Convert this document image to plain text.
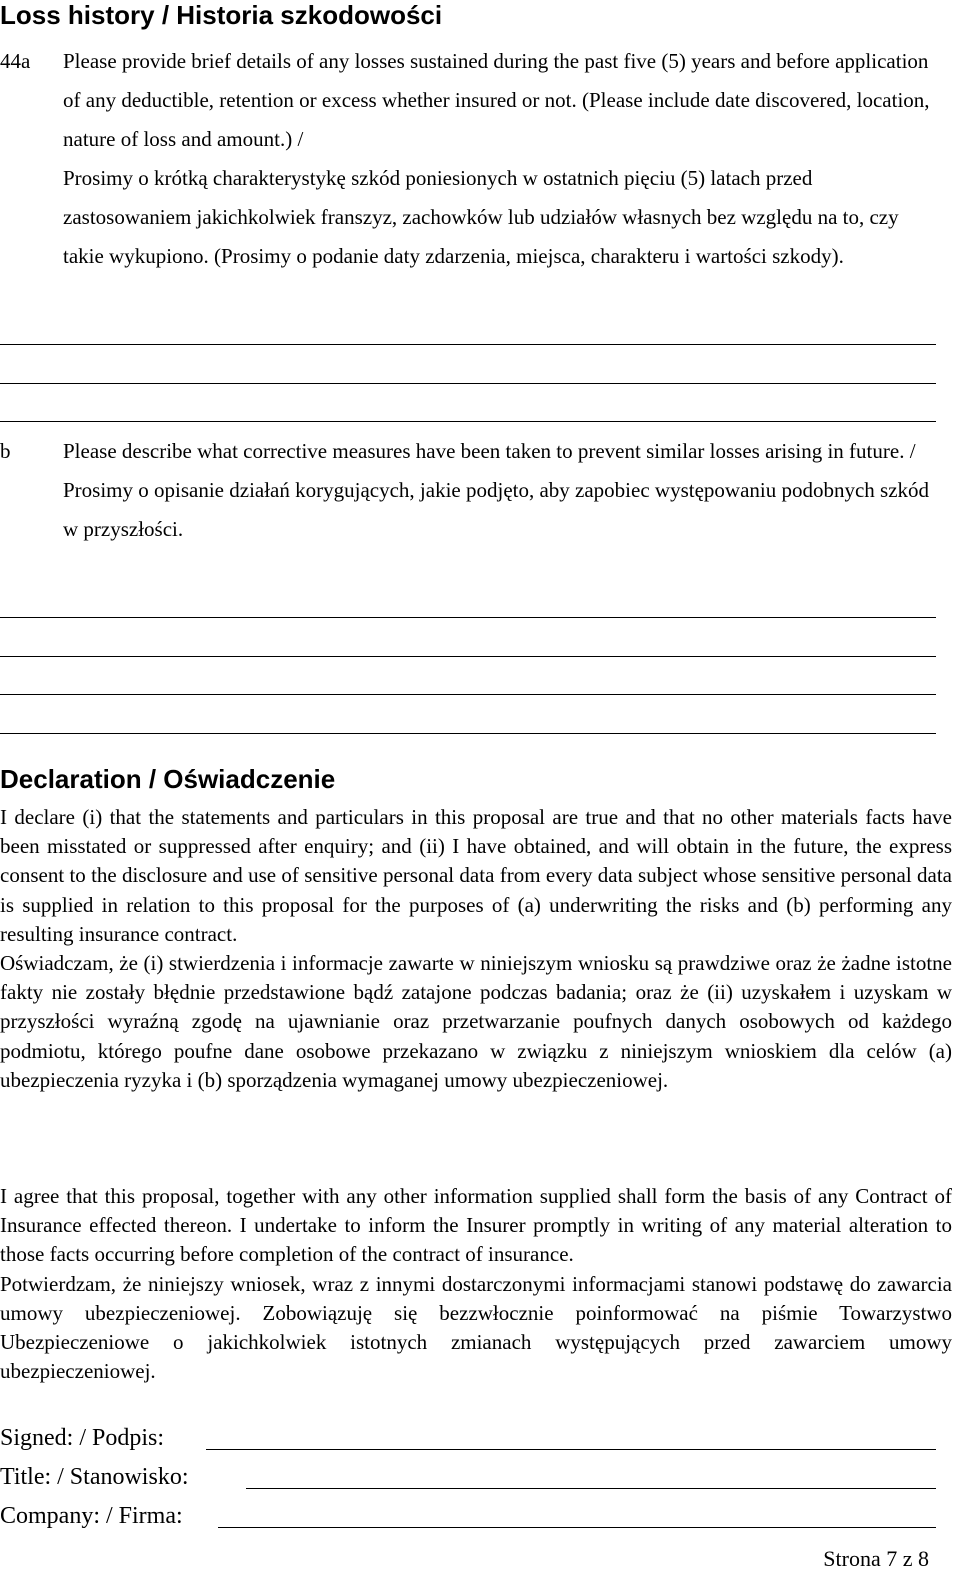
Loss history / Historia szkodowości
44a Please provide brief details of any losses sustained during the past five (5) years and before application of any deductible, retention or excess whether insured or not. (Please include date discovered, location, nature of loss and amount.) /

Prosimy o krótką charakterystykę szkód poniesionych w ostatnich pięciu (5) latach przed zastosowaniem jakichkolwiek franszyz, zachowków lub udziałów własnych bez względu na to, czy takie wykupiono. (Prosimy o podanie daty zdarzenia, miejsca, charakteru i wartości szkody).

b	Please describe what corrective measures have been taken to prevent similar losses arising in future. /

Prosimy o opisanie działań korygujących, jakie podjęto, aby zapobiec występowaniu podobnych szkód w przyszłości.

Declaration / Oświadczenie

I declare (i) that the statements and particulars in this proposal are true and that no other materials facts have been misstated or suppressed after enquiry; and (ii) I have obtained, and will obtain in the future, the express consent to the disclosure and use of sensitive personal data from every data subject whose sensitive personal data is supplied in relation to this proposal for the purposes of (a) underwriting the risks and (b) performing any resulting insurance contract.

Oświadczam, że (i) stwierdzenia i informacje zawarte w niniejszym wniosku są prawdziwe oraz że żadne istotne fakty nie zostały błędnie przedstawione bądź zatajone podczas badania; oraz że (ii) uzyskałem i uzyskam w przyszłości wyraźną zgodę na ujawnianie oraz przetwarzanie poufnych danych osobowych od każdego podmiotu, którego poufne dane osobowe przekazano w związku z niniejszym wnioskiem dla celów (a) ubezpieczenia ryzyka i (b) sporządzenia wymaganej umowy ubezpieczeniowej.

I agree that this proposal, together with any other information supplied shall form the basis of any Contract of Insurance effected thereon. I undertake to inform the Insurer promptly in writing of any material alteration to those facts occurring before completion of the contract of insurance.

Potwierdzam, że niniejszy wniosek, wraz z innymi dostarczonymi informacjami stanowi podstawę do zawarcia umowy ubezpieczeniowej. Zobowiązuję się bezzwłocznie poinformować na piśmie Towarzystwo Ubezpieczeniowe o jakichkolwiek istotnych zmianach występujących przed zawarciem umowy ubezpieczeniowej.

Signed: / Podpis:
Title: / Stanowisko:
Company: / Firma:
Strona 7 z 8
